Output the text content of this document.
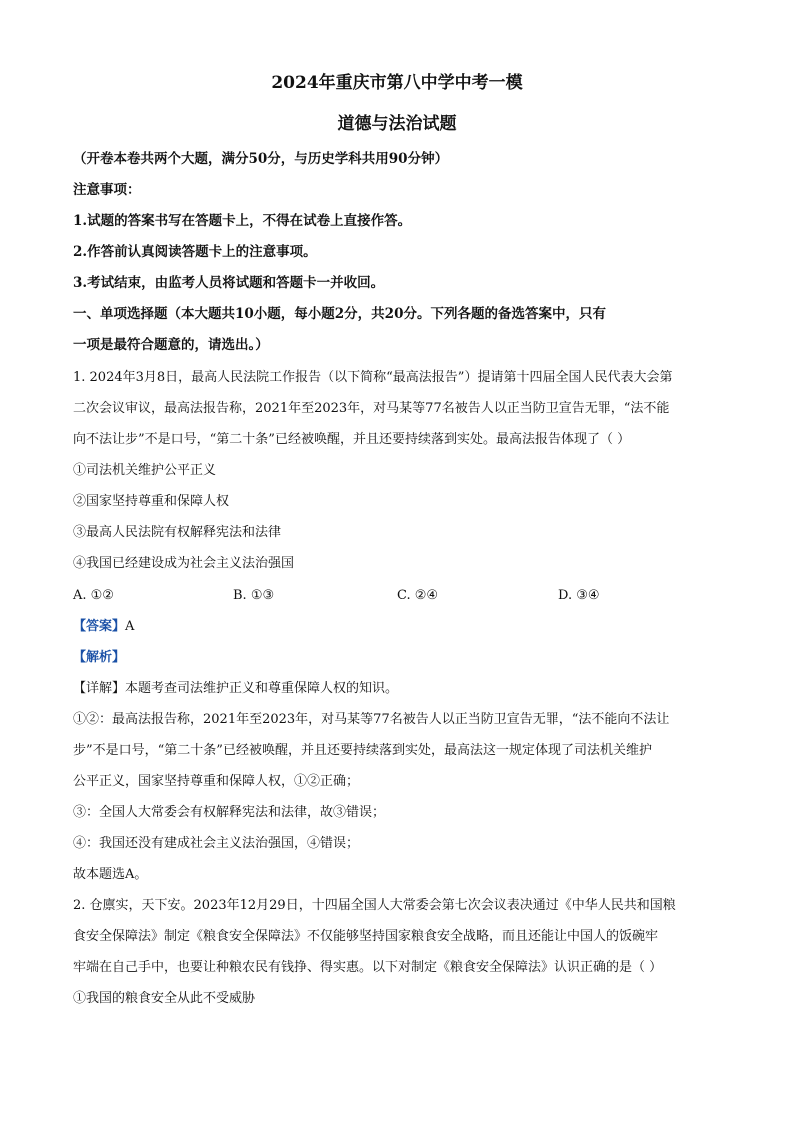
2024年重庆市第八中学中考一模
道德与法治试题
（开卷本卷共两个大题，满分50分，与历史学科共用90分钟）
注意事项：
1.试题的答案书写在答题卡上，不得在试卷上直接作答。
2.作答前认真阅读答题卡上的注意事项。
3.考试结束，由监考人员将试题和答题卡一并收回。
一、单项选择题（本大题共10小题，每小题2分，共20分。下列各题的备选答案中，只有
一项是最符合题意的，请选出。）
1. 2024年3月8日，最高人民法院工作报告（以下简称“最高法报告”）提请第十四届全国人民代表大会第
二次会议审议，最高法报告称，2021年至2023年，对马某等77名被告人以正当防卫宣告无罪，“法不能
向不法让步”不是口号，“第二十条”已经被唤醒，并且还要持续落到实处。最高法报告体现了（ ）
①司法机关维护公平正义
②国家坚持尊重和保障人权
③最高人民法院有权解释宪法和法律
④我国已经建设成为社会主义法治强国
A. ①②	B. ①③	C. ②④	D. ③④
【答案】A
【解析】
【详解】本题考查司法维护正义和尊重保障人权的知识。
①②：最高法报告称，2021年至2023年，对马某等77名被告人以正当防卫宣告无罪，“法不能向不法让
步”不是口号，“第二十条”已经被唤醒，并且还要持续落到实处，最高法这一规定体现了司法机关维护
公平正义，国家坚持尊重和保障人权，①②正确；
③：全国人大常委会有权解释宪法和法律，故③错误；
④：我国还没有建成社会主义法治强国，④错误；
故本题选A。
2. 仓廪实，天下安。2023年12月29日，十四届全国人大常委会第七次会议表决通过《中华人民共和国粮
食安全保障法》制定《粮食安全保障法》不仅能够坚持国家粮食安全战略，而且还能让中国人的饭碗牢
牢端在自己手中，也要让种粮农民有钱挣、得实惠。以下对制定《粮食安全保障法》认识正确的是（ ）
①我国的粮食安全从此不受威胁
